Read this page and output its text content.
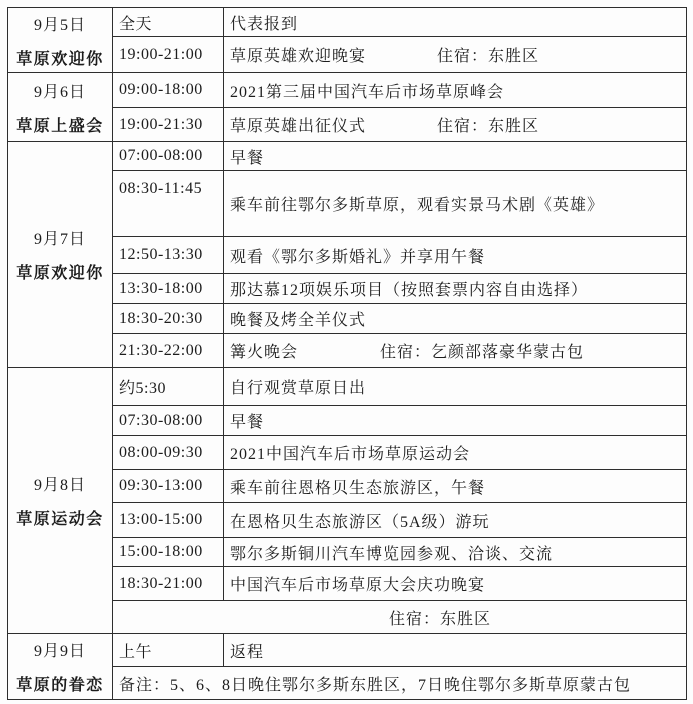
9月5日
草原欢迎你	全天	代表报到

	19:00-21:00	草原英雄欢迎晚宴 住宿：东胜区

9月6日
草原上盛会	09:00-18:00	2021第三届中国汽车后市场草原峰会

	19:00-21:30	草原英雄出征仪式 住宿：东胜区

9月7日
草原欢迎你	07:00-08:00	早餐

	08:30-11:45	乘车前往鄂尔多斯草原，观看实景马术剧《英雄》

	12:50-13:30	观看《鄂尔多斯婚礼》并享用午餐

	13:30-18:00	那达慕12项娱乐项目（按照套票内容自由选择）

	18:30-20:30	晚餐及烤全羊仪式

	21:30-22:00	篝火晚会 住宿：乞颜部落豪华蒙古包

9月8日
草原运动会	约5:30	自行观赏草原日出

	07:30-08:00	早餐

	08:00-09:30	2021中国汽车后市场草原运动会

	09:30-13:00	乘车前往恩格贝生态旅游区，午餐

	13:00-15:00	在恩格贝生态旅游区（5A级）游玩

	15:00-18:00	鄂尔多斯铜川汽车博览园参观、洽谈、交流

	18:30-21:00	中国汽车后市场草原大会庆功晚宴

	住宿：东胜区	

9月9日
草原的眷恋	上午	返程

	备注：5、6、8日晚住鄂尔多斯东胜区，7日晚住鄂尔多斯草原蒙古包	
